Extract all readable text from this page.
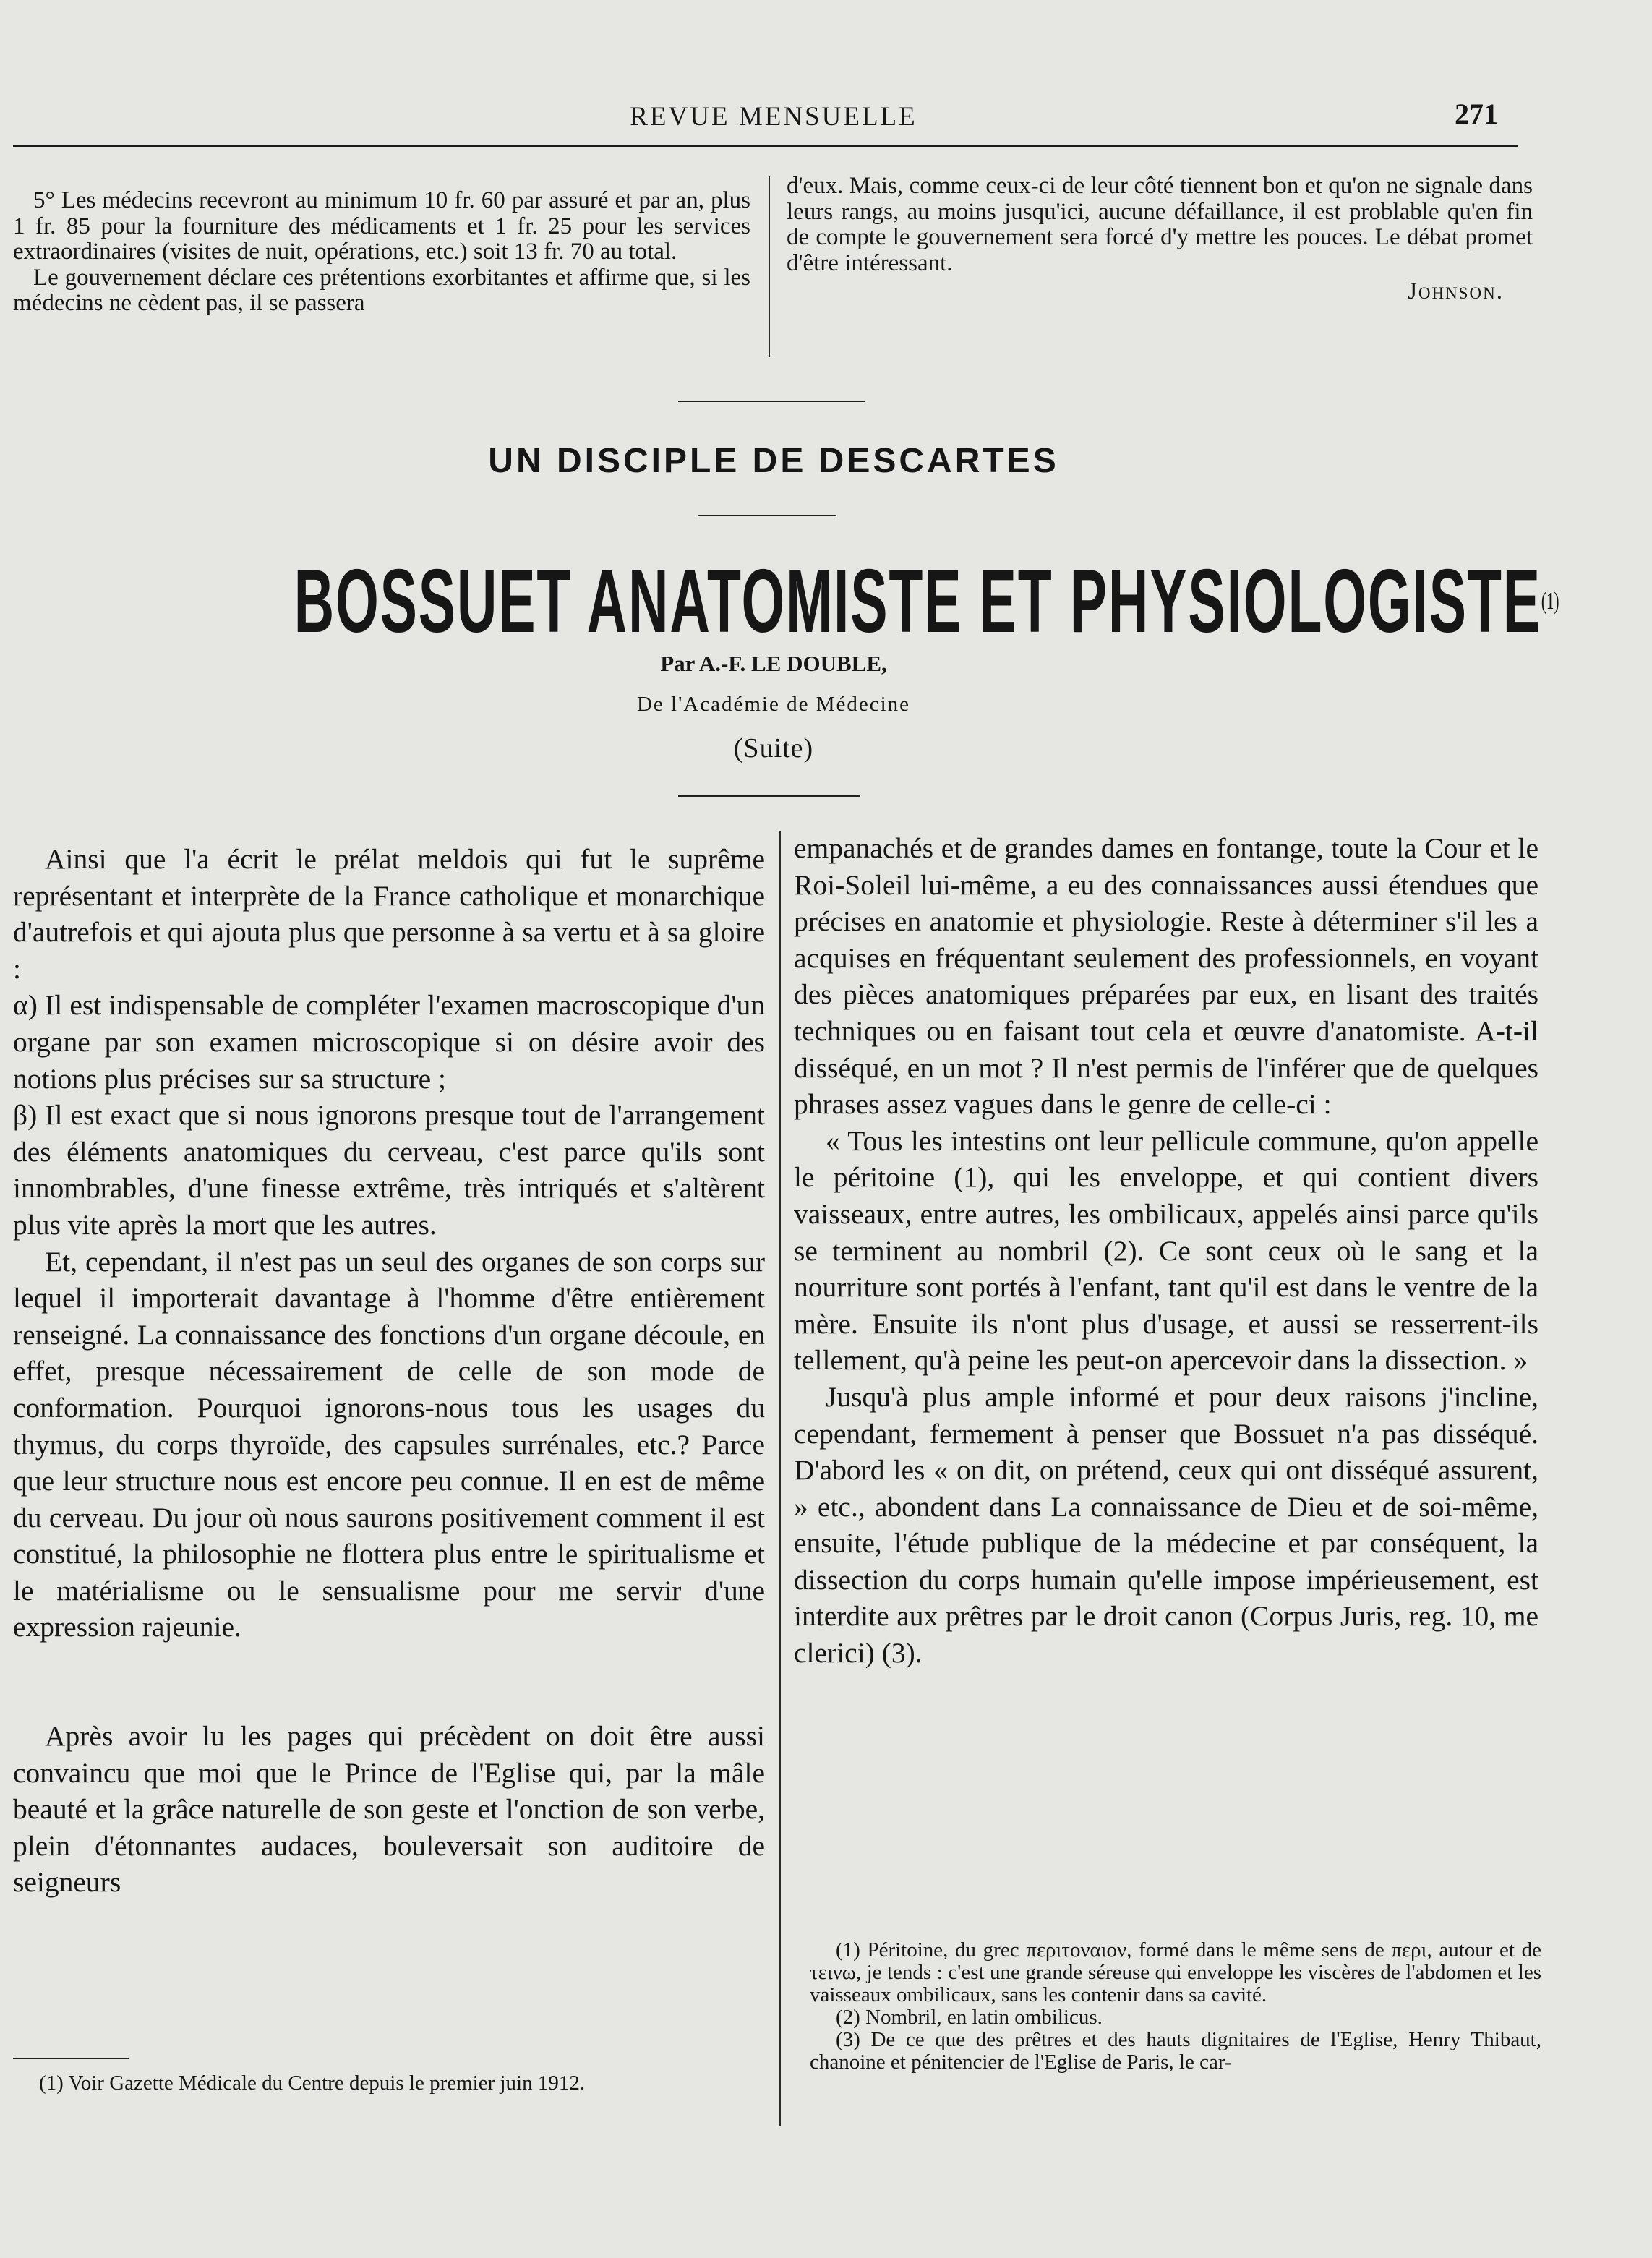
REVUE MENSUELLE	271
5° Les médecins recevront au minimum 10 fr. 60 par assuré et par an, plus 1 fr. 85 pour la fourniture des médicaments et 1 fr. 25 pour les services extraordinaires (visites de nuit, opérations, etc.) soit 13 fr. 70 au total.
Le gouvernement déclare ces prétentions exorbitantes et affirme que, si les médecins ne cèdent pas, il se passera
d'eux. Mais, comme ceux-ci de leur côté tiennent bon et qu'on ne signale dans leurs rangs, au moins jusqu'ici, aucune défaillance, il est problable qu'en fin de compte le gouvernement sera forcé d'y mettre les pouces. Le débat promet d'être intéressant.
Johnson.
UN DISCIPLE DE DESCARTES
BOSSUET ANATOMISTE ET PHYSIOLOGISTE$^{(1)}$
Par A.-F. LE DOUBLE,
De l'Académie de Médecine
(Suite)

Ainsi que l'a écrit le prélat meldois qui fut le suprême représentant et interprète de la France catholique et monarchique d'autrefois et qui ajouta plus que personne à sa vertu et à sa gloire :

α) Il est indispensable de compléter l'examen macroscopique d'un organe par son examen microscopique si on désire avoir des notions plus précises sur sa structure ;

β) Il est exact que si nous ignorons presque tout de l'arrangement des éléments anatomiques du cerveau, c'est parce qu'ils sont innombrables, d'une finesse extrême, très intriqués et s'altèrent plus vite après la mort que les autres.

Et, cependant, il n'est pas un seul des organes de son corps sur lequel il importerait davantage à l'homme d'être entièrement renseigné. La connaissance des fonctions d'un organe découle, en effet, presque nécessairement de celle de son mode de conformation. Pourquoi ignorons-nous tous les usages du thymus, du corps thyroïde, des capsules surrénales, etc.? Parce que leur structure nous est encore peu connue. Il en est de même du cerveau. Du jour où nous saurons positivement comment il est constitué, la philosophie ne flottera plus entre le spiritualisme et le matérialisme ou le sensualisme pour me servir d'une expression rajeunie.

Après avoir lu les pages qui précèdent on doit être aussi convaincu que moi que le Prince de l'Eglise qui, par la mâle beauté et la grâce naturelle de son geste et l'onction de son verbe, plein d'étonnantes audaces, bouleversait son auditoire de seigneurs

(1) Voir Gazette Médicale du Centre depuis le premier juin 1912.

empanachés et de grandes dames en fontange, toute la Cour et le Roi-Soleil lui-même, a eu des connaissances aussi étendues que précises en anatomie et physiologie. Reste à déterminer s'il les a acquises en fréquentant seulement des professionnels, en voyant des pièces anatomiques préparées par eux, en lisant des traités techniques ou en faisant tout cela et œuvre d'anatomiste. A-t-il disséqué, en un mot ? Il n'est permis de l'inférer que de quelques phrases assez vagues dans le genre de celle-ci :

« Tous les intestins ont leur pellicule commune, qu'on appelle le péritoine (1), qui les enveloppe, et qui contient divers vaisseaux, entre autres, les ombilicaux, appelés ainsi parce qu'ils se terminent au nombril (2). Ce sont ceux où le sang et la nourriture sont portés à l'enfant, tant qu'il est dans le ventre de la mère. Ensuite ils n'ont plus d'usage, et aussi se resserrent-ils tellement, qu'à peine les peut-on apercevoir dans la dissection. »

Jusqu'à plus ample informé et pour deux raisons j'incline, cependant, fermement à penser que Bossuet n'a pas disséqué. D'abord les « on dit, on prétend, ceux qui ont disséqué assurent, » etc., abondent dans La connaissance de Dieu et de soi-même, ensuite, l'étude publique de la médecine et par conséquent, la dissection du corps humain qu'elle impose impérieusement, est interdite aux prêtres par le droit canon (Corpus Juris, reg. 10, me clerici) (3).

(1) Péritoine, du grec περιτοναιον, formé dans le même sens de περι, autour et de τεινω, je tends : c'est une grande séreuse qui enveloppe les viscères de l'abdomen et les vaisseaux ombilicaux, sans les contenir dans sa cavité.

(2) Nombril, en latin ombilicus.

(3) De ce que des prêtres et des hauts dignitaires de l'Eglise, Henry Thibaut, chanoine et pénitencier de l'Eglise de Paris, le car-
